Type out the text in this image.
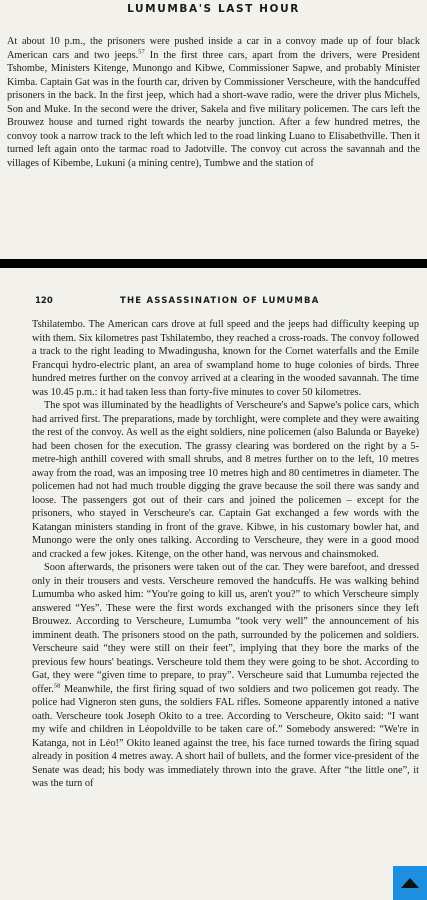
LUMUMBA'S LAST HOUR

At about 10 p.m., the prisoners were pushed inside a car in a convoy made up of four black American cars and two jeeps.$^{57}$ In the first three cars, apart from the drivers, were President Tshombe, Ministers Kitenge, Munongo and Kibwe, Commissioner Sapwe, and probably Minister Kimba. Captain Gat was in the fourth car, driven by Commissioner Verscheure, with the handcuffed prisoners in the back. In the first jeep, which had a short-wave radio, were the driver plus Michels, Son and Muke. In the second were the driver, Sakela and five military policemen. The cars left the Brouwez house and turned right towards the nearby junction. After a few hundred metres, the convoy took a narrow track to the left which led to the road linking Luano to Elisabethville. Then it turned left again onto the tarmac road to Jadotville. The convoy cut across the savannah and the villages of Kibembe, Lukuni (a mining centre), Tumbwe and the station of

120	THE ASSASSINATION OF LUMUMBA

Tshilatembo. The American cars drove at full speed and the jeeps had difficulty keeping up with them. Six kilometres past Tshilatembo, they reached a cross-roads. The convoy followed a track to the right leading to Mwadingusha, known for the Cornet waterfalls and the Emile Francqui hydro-electric plant, an area of swampland home to huge colonies of birds. Three hundred metres further on the convoy arrived at a clearing in the wooded savannah. The time was 10.45 p.m.: it had taken less than forty-five minutes to cover 50 kilometres.

The spot was illuminated by the headlights of Verscheure's and Sapwe's police cars, which had arrived first. The preparations, made by torchlight, were complete and they were awaiting the rest of the convoy. As well as the eight soldiers, nine policemen (also Balunda or Bayeke) had been chosen for the execution. The grassy clearing was bordered on the right by a 5-metre-high anthill covered with small shrubs, and 8 metres further on to the left, 10 metres away from the road, was an imposing tree 10 metres high and 80 centimetres in diameter. The policemen had not had much trouble digging the grave because the soil there was sandy and loose. The passengers got out of their cars and joined the policemen – except for the prisoners, who stayed in Verscheure's car. Captain Gat exchanged a few words with the Katangan ministers standing in front of the grave. Kibwe, in his customary bowler hat, and Munongo were the only ones talking. According to Verscheure, they were in a good mood and cracked a few jokes. Kitenge, on the other hand, was nervous and chainsmoked.

Soon afterwards, the prisoners were taken out of the car. They were barefoot, and dressed only in their trousers and vests. Verscheure removed the handcuffs. He was walking behind Lumumba who asked him: “You're going to kill us, aren't you?” to which Verscheure simply answered “Yes”. These were the first words exchanged with the prisoners since they left Brouwez. According to Verscheure, Lumumba “took very well” the announcement of his imminent death. The prisoners stood on the path, surrounded by the policemen and soldiers. Verscheure said “they were still on their feet”, implying that they bore the marks of the previous few hours' beatings. Verscheure told them they were going to be shot. According to Gat, they were “given time to prepare, to pray”. Verscheure said that Lumumba rejected the offer.$^{58}$ Meanwhile, the first firing squad of two soldiers and two policemen got ready. The police had Vigneron sten guns, the soldiers FAL rifles. Someone apparently intoned a native oath. Verscheure took Joseph Okito to a tree. According to Verscheure, Okito said: “I want my wife and children in Léopoldville to be taken care of.” Somebody answered: “We're in Katanga, not in Léo!” Okito leaned against the tree, his face turned towards the firing squad already in position 4 metres away. A short hail of bullets, and the former vice-president of the Senate was dead; his body was immediately thrown into the grave. After “the little one”, it was the turn of
